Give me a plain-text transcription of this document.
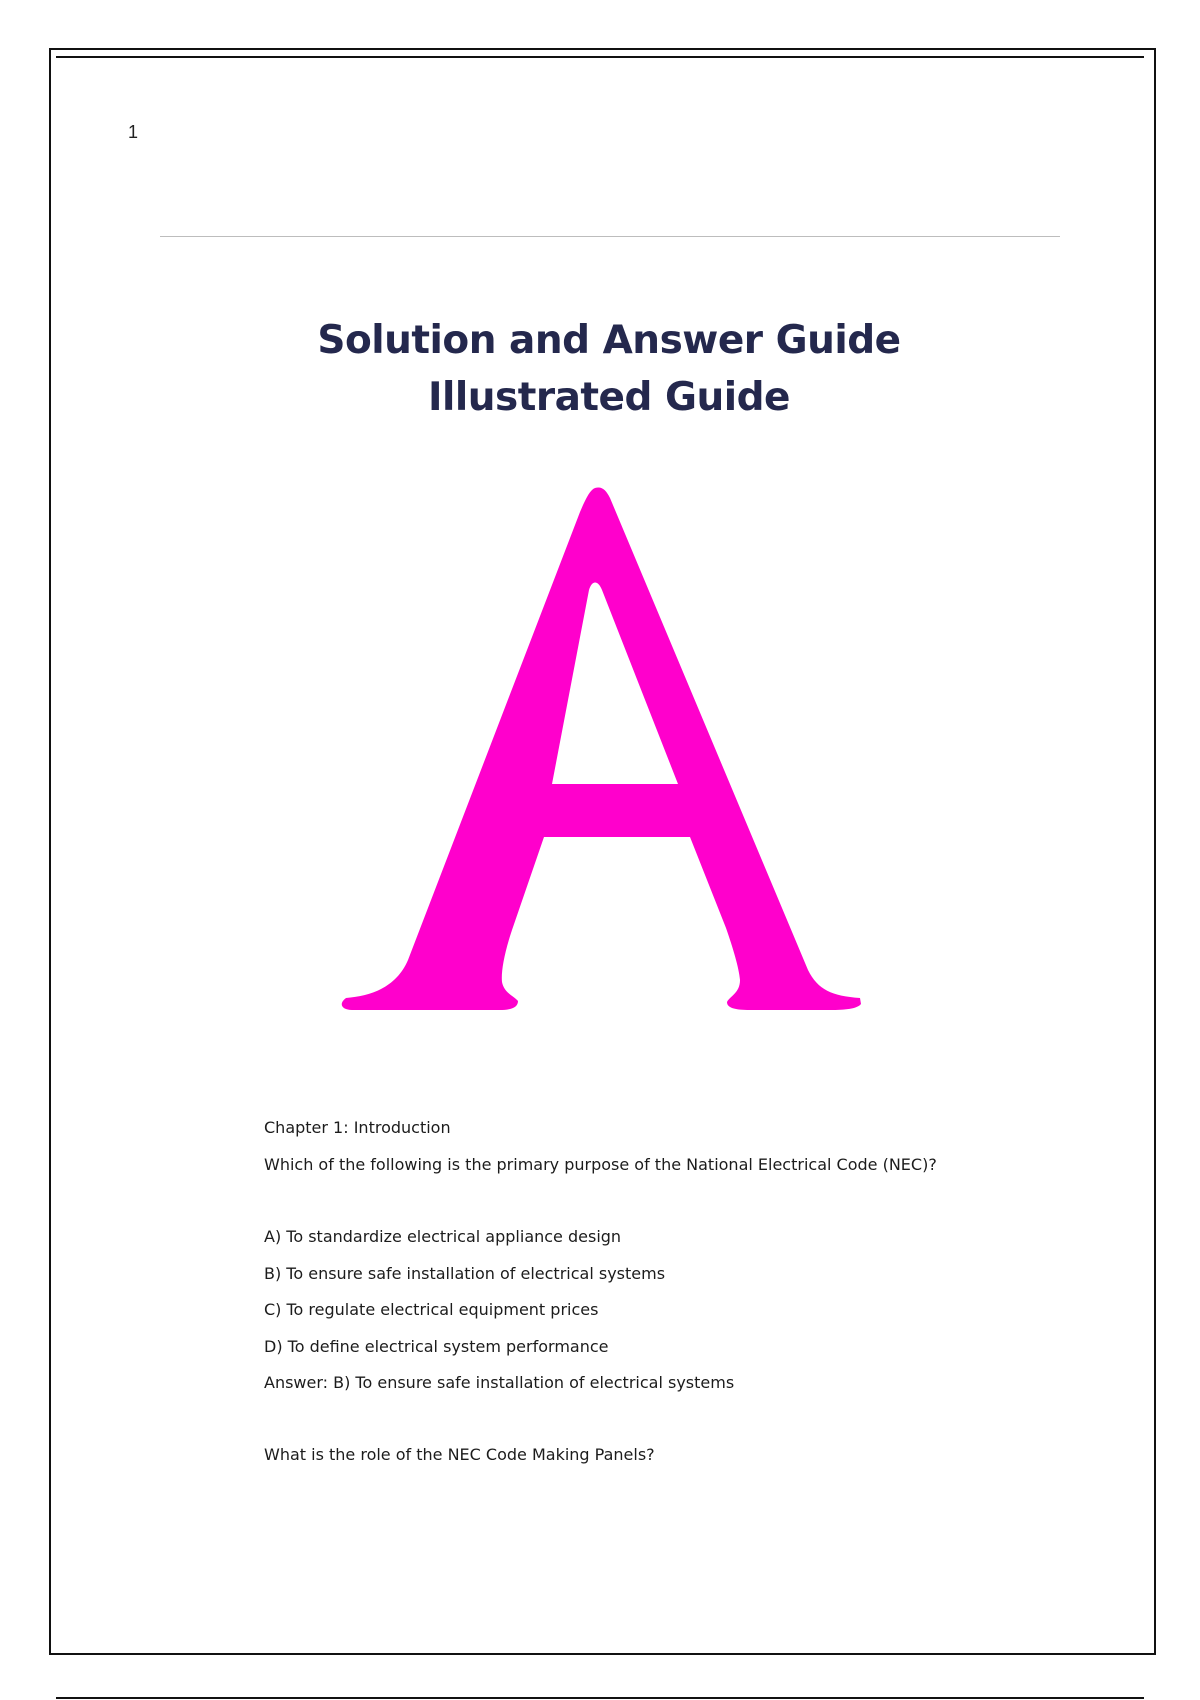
1
Solution and Answer Guide
Illustrated Guide
Chapter 1: Introduction
Which of the following is the primary purpose of the National Electrical Code (NEC)?
A) To standardize electrical appliance design
B) To ensure safe installation of electrical systems
C) To regulate electrical equipment prices
D) To define electrical system performance
Answer: B) To ensure safe installation of electrical systems
What is the role of the NEC Code Making Panels?
